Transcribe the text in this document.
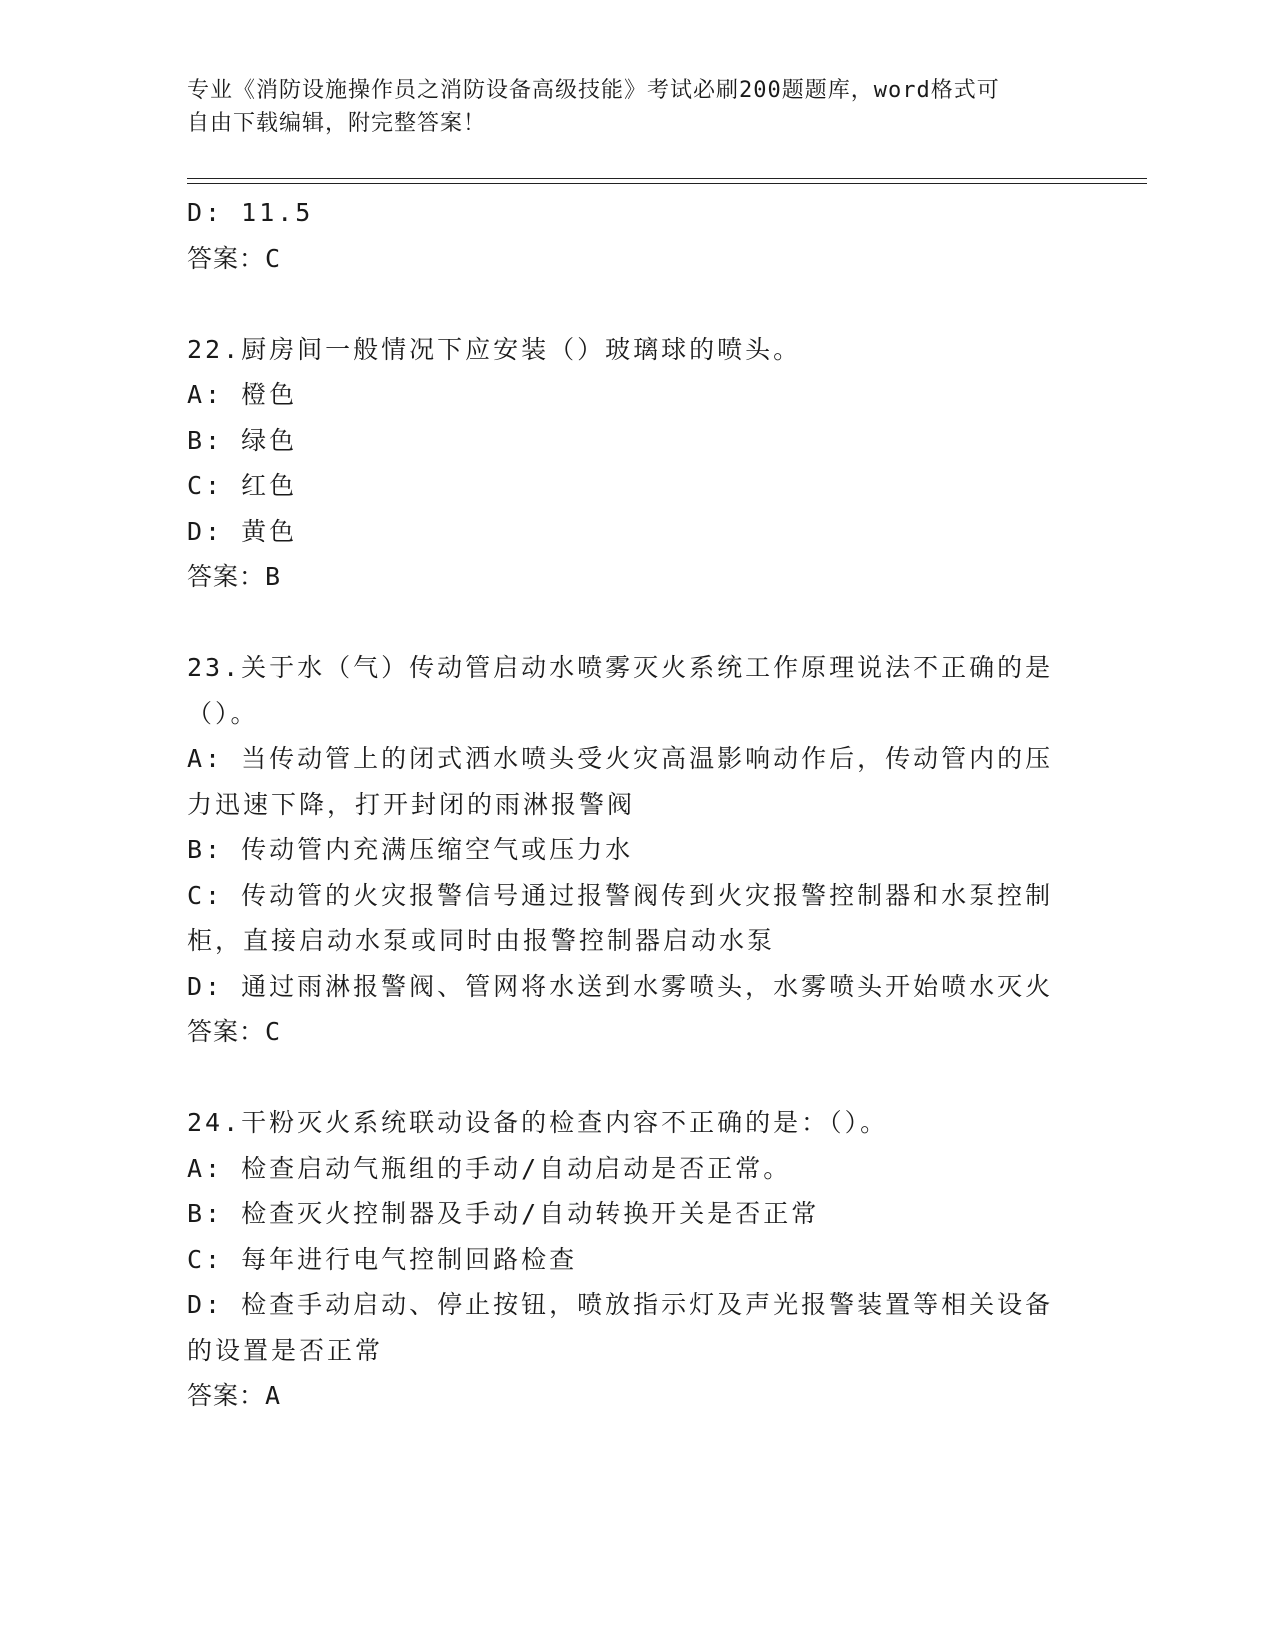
专业《消防设施操作员之消防设备高级技能》考试必刷200题题库，word格式可
自由下载编辑，附完整答案！
D: 11.5
答案：C
22.厨房间一般情况下应安装（）玻璃球的喷头。
A: 橙色
B: 绿色
C: 红色
D: 黄色
答案：B
23.关于水（气）传动管启动水喷雾灭火系统工作原理说法不正确的是
（）。
A: 当传动管上的闭式洒水喷头受火灾高温影响动作后，传动管内的压
力迅速下降，打开封闭的雨淋报警阀
B: 传动管内充满压缩空气或压力水
C: 传动管的火灾报警信号通过报警阀传到火灾报警控制器和水泵控制
柜，直接启动水泵或同时由报警控制器启动水泵
D: 通过雨淋报警阀、管网将水送到水雾喷头，水雾喷头开始喷水灭火
答案：C
24.干粉灭火系统联动设备的检查内容不正确的是：（）。
A: 检查启动气瓶组的手动/自动启动是否正常。
B: 检查灭火控制器及手动/自动转换开关是否正常
C: 每年进行电气控制回路检查
D: 检查手动启动、停止按钮，喷放指示灯及声光报警装置等相关设备
的设置是否正常
答案：A
